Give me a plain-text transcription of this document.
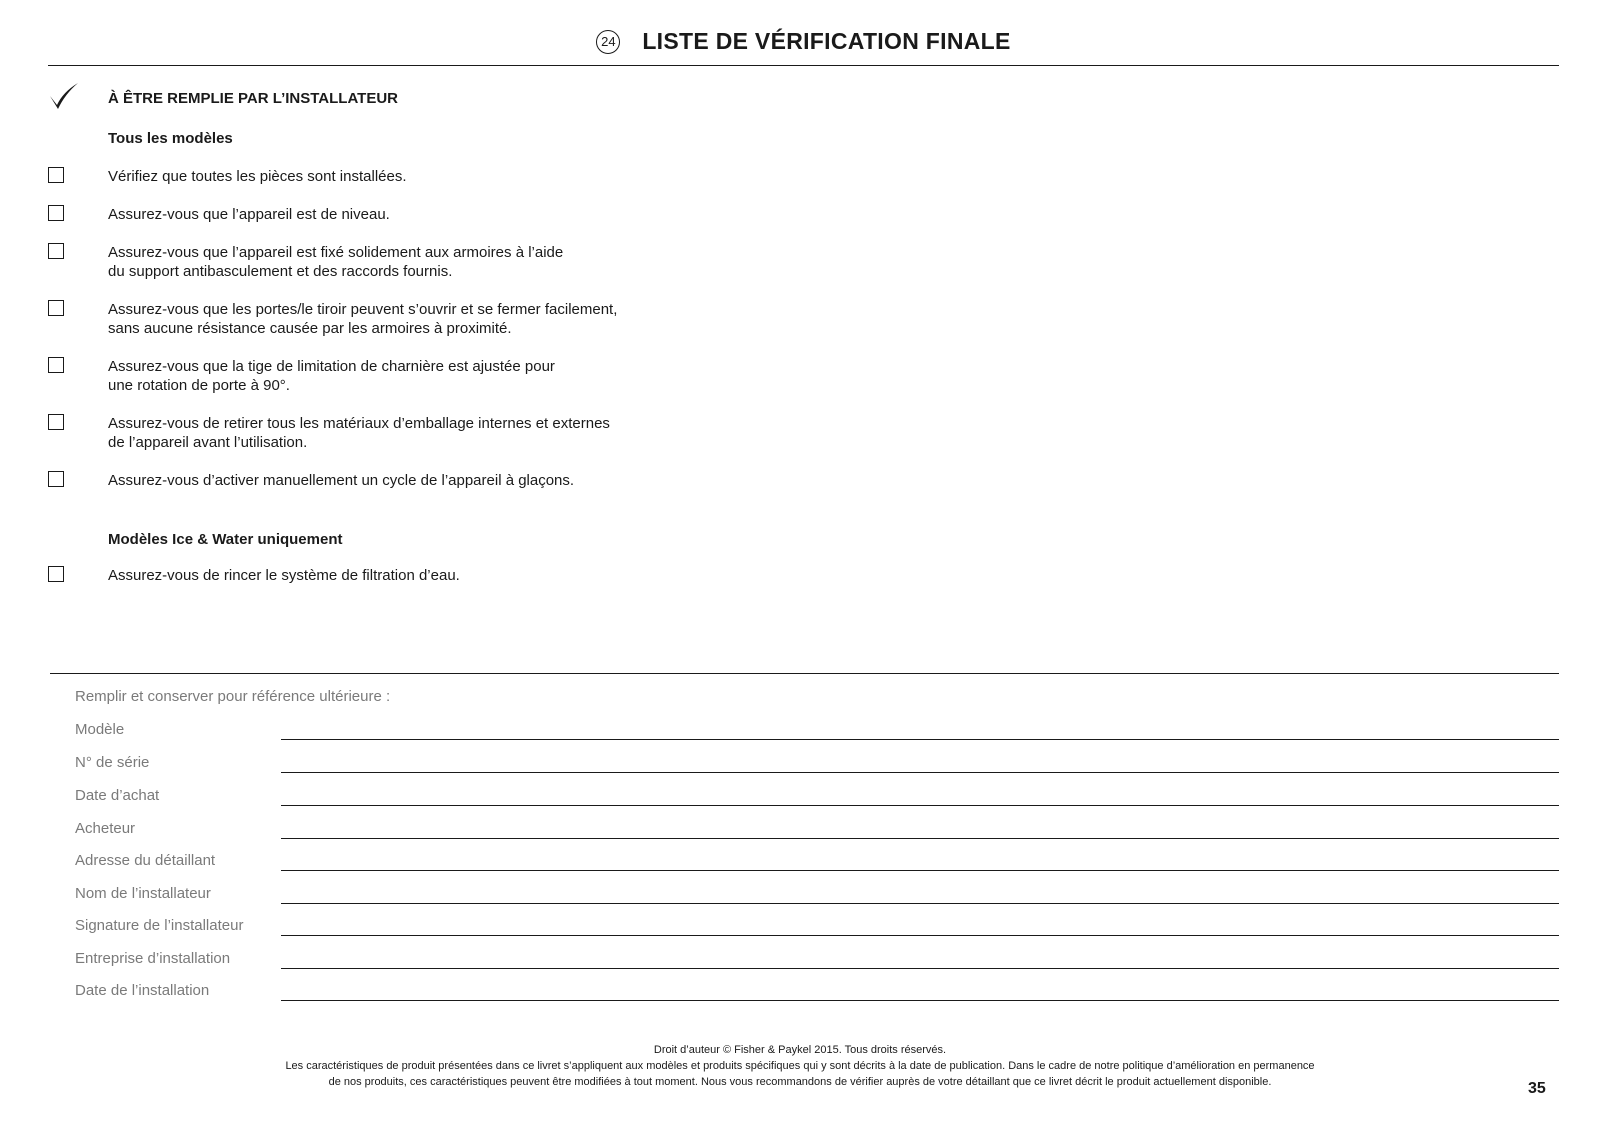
24 LISTE DE VÉRIFICATION FINALE
À ÊTRE REMPLIE PAR L’INSTALLATEUR
Tous les modèles
Vérifiez que toutes les pièces sont installées.
Assurez-vous que l’appareil est de niveau.
Assurez-vous que l’appareil est fixé solidement aux armoires à l’aide
du support antibasculement et des raccords fournis.
Assurez-vous que les portes/le tiroir peuvent s’ouvrir et se fermer facilement,
sans aucune résistance causée par les armoires à proximité.
Assurez-vous que la tige de limitation de charnière est ajustée pour
une rotation de porte à 90°.
Assurez-vous de retirer tous les matériaux d’emballage internes et externes
de l’appareil avant l’utilisation.
Assurez-vous d’activer manuellement un cycle de l’appareil à glaçons.
Modèles Ice & Water uniquement
Assurez-vous de rincer le système de filtration d’eau.
Remplir et conserver pour référence ultérieure :
Modèle
N° de série
Date d’achat
Acheteur
Adresse du détaillant
Nom de l’installateur
Signature de l’installateur
Entreprise d’installation
Date de l’installation
Droit d’auteur © Fisher & Paykel 2015. Tous droits réservés.
Les caractéristiques de produit présentées dans ce livret s’appliquent aux modèles et produits spécifiques qui y sont décrits à la date de publication. Dans le cadre de notre politique d’amélioration en permanence
de nos produits, ces caractéristiques peuvent être modifiées à tout moment. Nous vous recommandons de vérifier auprès de votre détaillant que ce livret décrit le produit actuellement disponible.	35
